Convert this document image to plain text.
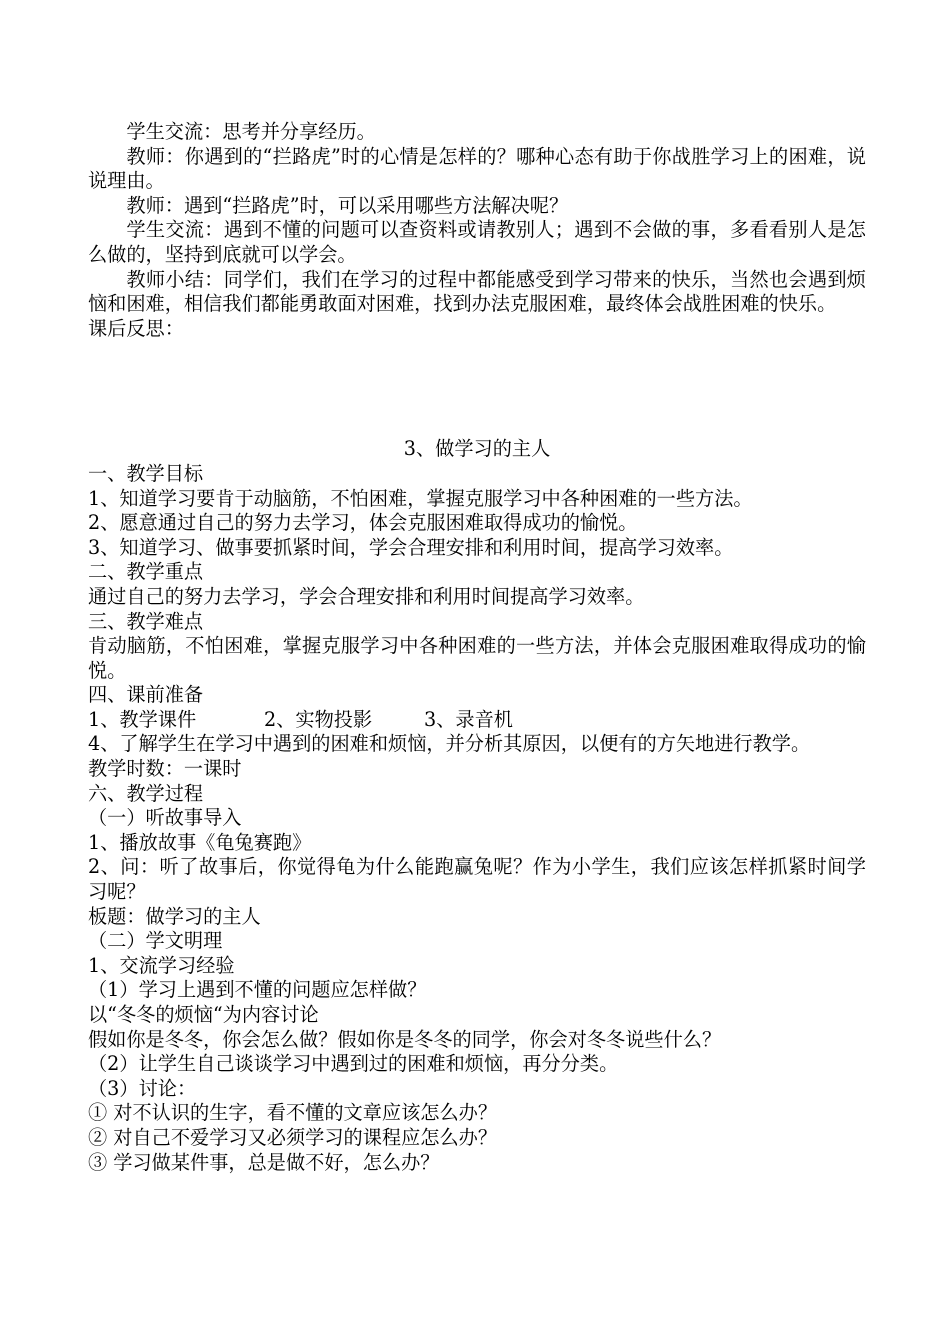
学生交流：思考并分享经历。

教师：你遇到的“拦路虎”时的心情是怎样的？哪种心态有助于你战胜学习上的困难，说说理由。

教师：遇到“拦路虎”时，可以采用哪些方法解决呢？

学生交流：遇到不懂的问题可以查资料或请教别人；遇到不会做的事，多看看别人是怎么做的，坚持到底就可以学会。

教师小结：同学们，我们在学习的过程中都能感受到学习带来的快乐，当然也会遇到烦恼和困难，相信我们都能勇敢面对困难，找到办法克服困难，最终体会战胜困难的快乐。

课后反思：

3、做学习的主人

一、教学目标

1、知道学习要肯于动脑筋，不怕困难，掌握克服学习中各种困难的一些方法。

2、愿意通过自己的努力去学习，体会克服困难取得成功的愉悦。

3、知道学习、做事要抓紧时间，学会合理安排和利用时间，提高学习效率。

二、教学重点

通过自己的努力去学习，学会合理安排和利用时间提高学习效率。

三、教学难点

肯动脑筋，不怕困难，掌握克服学习中各种困难的一些方法，并体会克服困难取得成功的愉悦。

四、课前准备

1、教学课件	2、实物投影	3、录音机

4、了解学生在学习中遇到的困难和烦恼，并分析其原因，以便有的方矢地进行教学。

教学时数：一课时

六、教学过程

（一）听故事导入

1、播放故事《龟兔赛跑》

2、问：听了故事后，你觉得龟为什么能跑赢兔呢？作为小学生，我们应该怎样抓紧时间学习呢？

板题：做学习的主人

（二）学文明理

1、交流学习经验

（1）学习上遇到不懂的问题应怎样做？

以“冬冬的烦恼“为内容讨论

假如你是冬冬，你会怎么做？假如你是冬冬的同学，你会对冬冬说些什么？

（2）让学生自己谈谈学习中遇到过的困难和烦恼，再分分类。

（3）讨论：

① 对不认识的生字，看不懂的文章应该怎么办？

② 对自己不爱学习又必须学习的课程应怎么办？

③ 学习做某件事，总是做不好，怎么办？
